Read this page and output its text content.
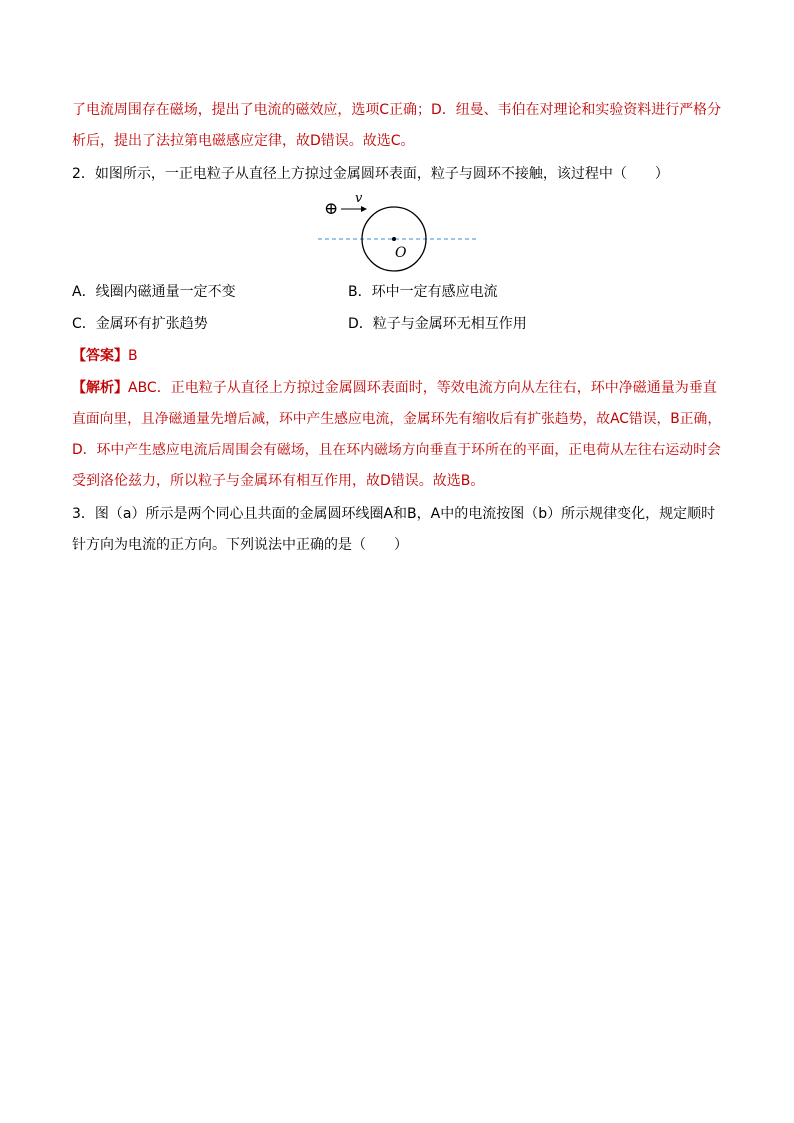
了电流周围存在磁场，提出了电流的磁效应，选项C正确；D．纽曼、韦伯在对理论和实验资料进行严格分
析后，提出了法拉第电磁感应定律，故D错误。故选C。
2．如图所示，一正电粒子从直径上方掠过金属圆环表面，粒子与圆环不接触，该过程中（　　）
⊕
v
O
A．线圈内磁通量一定不变	B．环中一定有感应电流
C．金属环有扩张趋势	D．粒子与金属环无相互作用
【答案】B
【解析】ABC．正电粒子从直径上方掠过金属圆环表面时，等效电流方向从左往右，环中净磁通量为垂直
直面向里，且净磁通量先增后减，环中产生感应电流，金属环先有缩收后有扩张趋势，故AC错误，B正确，
D．环中产生感应电流后周围会有磁场，且在环内磁场方向垂直于环所在的平面，正电荷从左往右运动时会
受到洛伦兹力，所以粒子与金属环有相互作用，故D错误。故选B。
3．图（a）所示是两个同心且共面的金属圆环线圈A和B，A中的电流按图（b）所示规律变化，规定顺时
针方向为电流的正方向。下列说法中正确的是（　　）
